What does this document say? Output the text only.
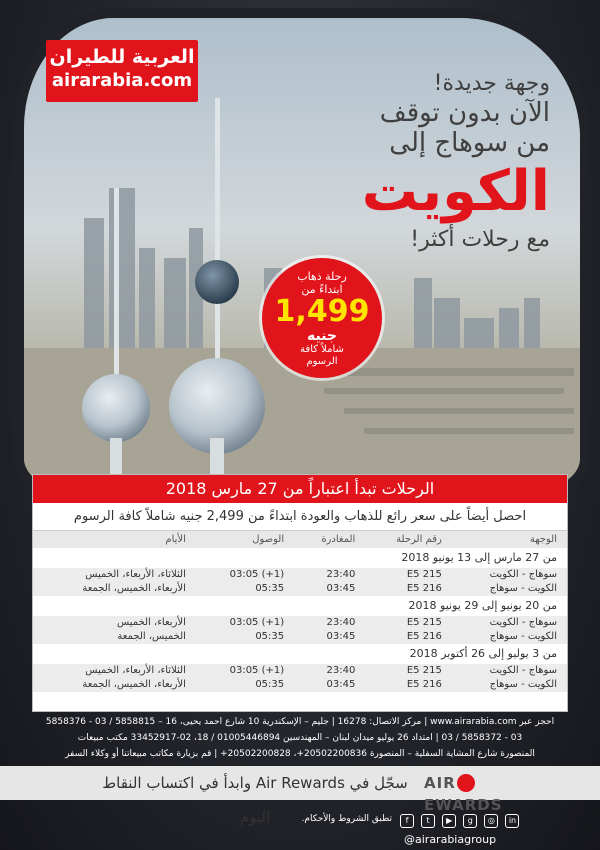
العربية للطيران
airarabia.com	وجهة جديدة!
الآن بدون توقف
من سوهاج إلى
الكويت
مع رحلات أكثر!
رحلة ذهاب
ابتداءً من
1,499
جنيه
شاملاً كافة
الرسوم
الرحلات تبدأ اعتباراً من 27 مارس 2018
احصل أيضاً على سعر رائع للذهاب والعودة ابتداءً من 2,499 جنيه شاملاً كافة الرسوم
الوجهة	رقم الرحلة	المغادرة	الوصول	الأيام
من 27 مارس إلى 13 يونيو 2018				
سوهاج - الكويت	E5 215	23:40	03:05 (+1)	الثلاثاء، الأربعاء، الخميس
الكويت - سوهاج	E5 216	03:45	05:35	الأربعاء، الخميس، الجمعة
من 20 يونيو إلى 29 يونيو 2018				
سوهاج - الكويت	E5 215	23:40	03:05 (+1)	الأربعاء، الخميس
الكويت - سوهاج	E5 216	03:45	05:35	الخميس، الجمعة
من 3 يوليو إلى 26 أكتوبر 2018				
سوهاج - الكويت	E5 215	23:40	03:05 (+1)	الثلاثاء، الأربعاء، الخميس
الكويت - سوهاج	E5 216	03:45	05:35	الأربعاء، الخميس، الجمعة
احجز عبر www.airarabia.com | مركز الاتصال: 16278 | جليم – الإسكندرية 10 شارع احمد يحيى، 16 – 5858815 / 03 - 5858376
03 - 5858372 / 03 | امتداد 26 يوليو ميدان لبنان – المهندسين 01005446894 / 18، 02-33452917 مكتب مبيعات
المنصورة شارع المشاية السفلية – المنصورة 20502200836+، 20502200828+ | قم بزيارة مكاتب مبيعاتنا أو وكلاء السفر
سجّل في Air Rewards وابدأ في اكتساب النقاط اليوم
AIREWARDS
تطبق الشروط والأحكام.	f t ▶ g ◎ in @airarabiagroup
